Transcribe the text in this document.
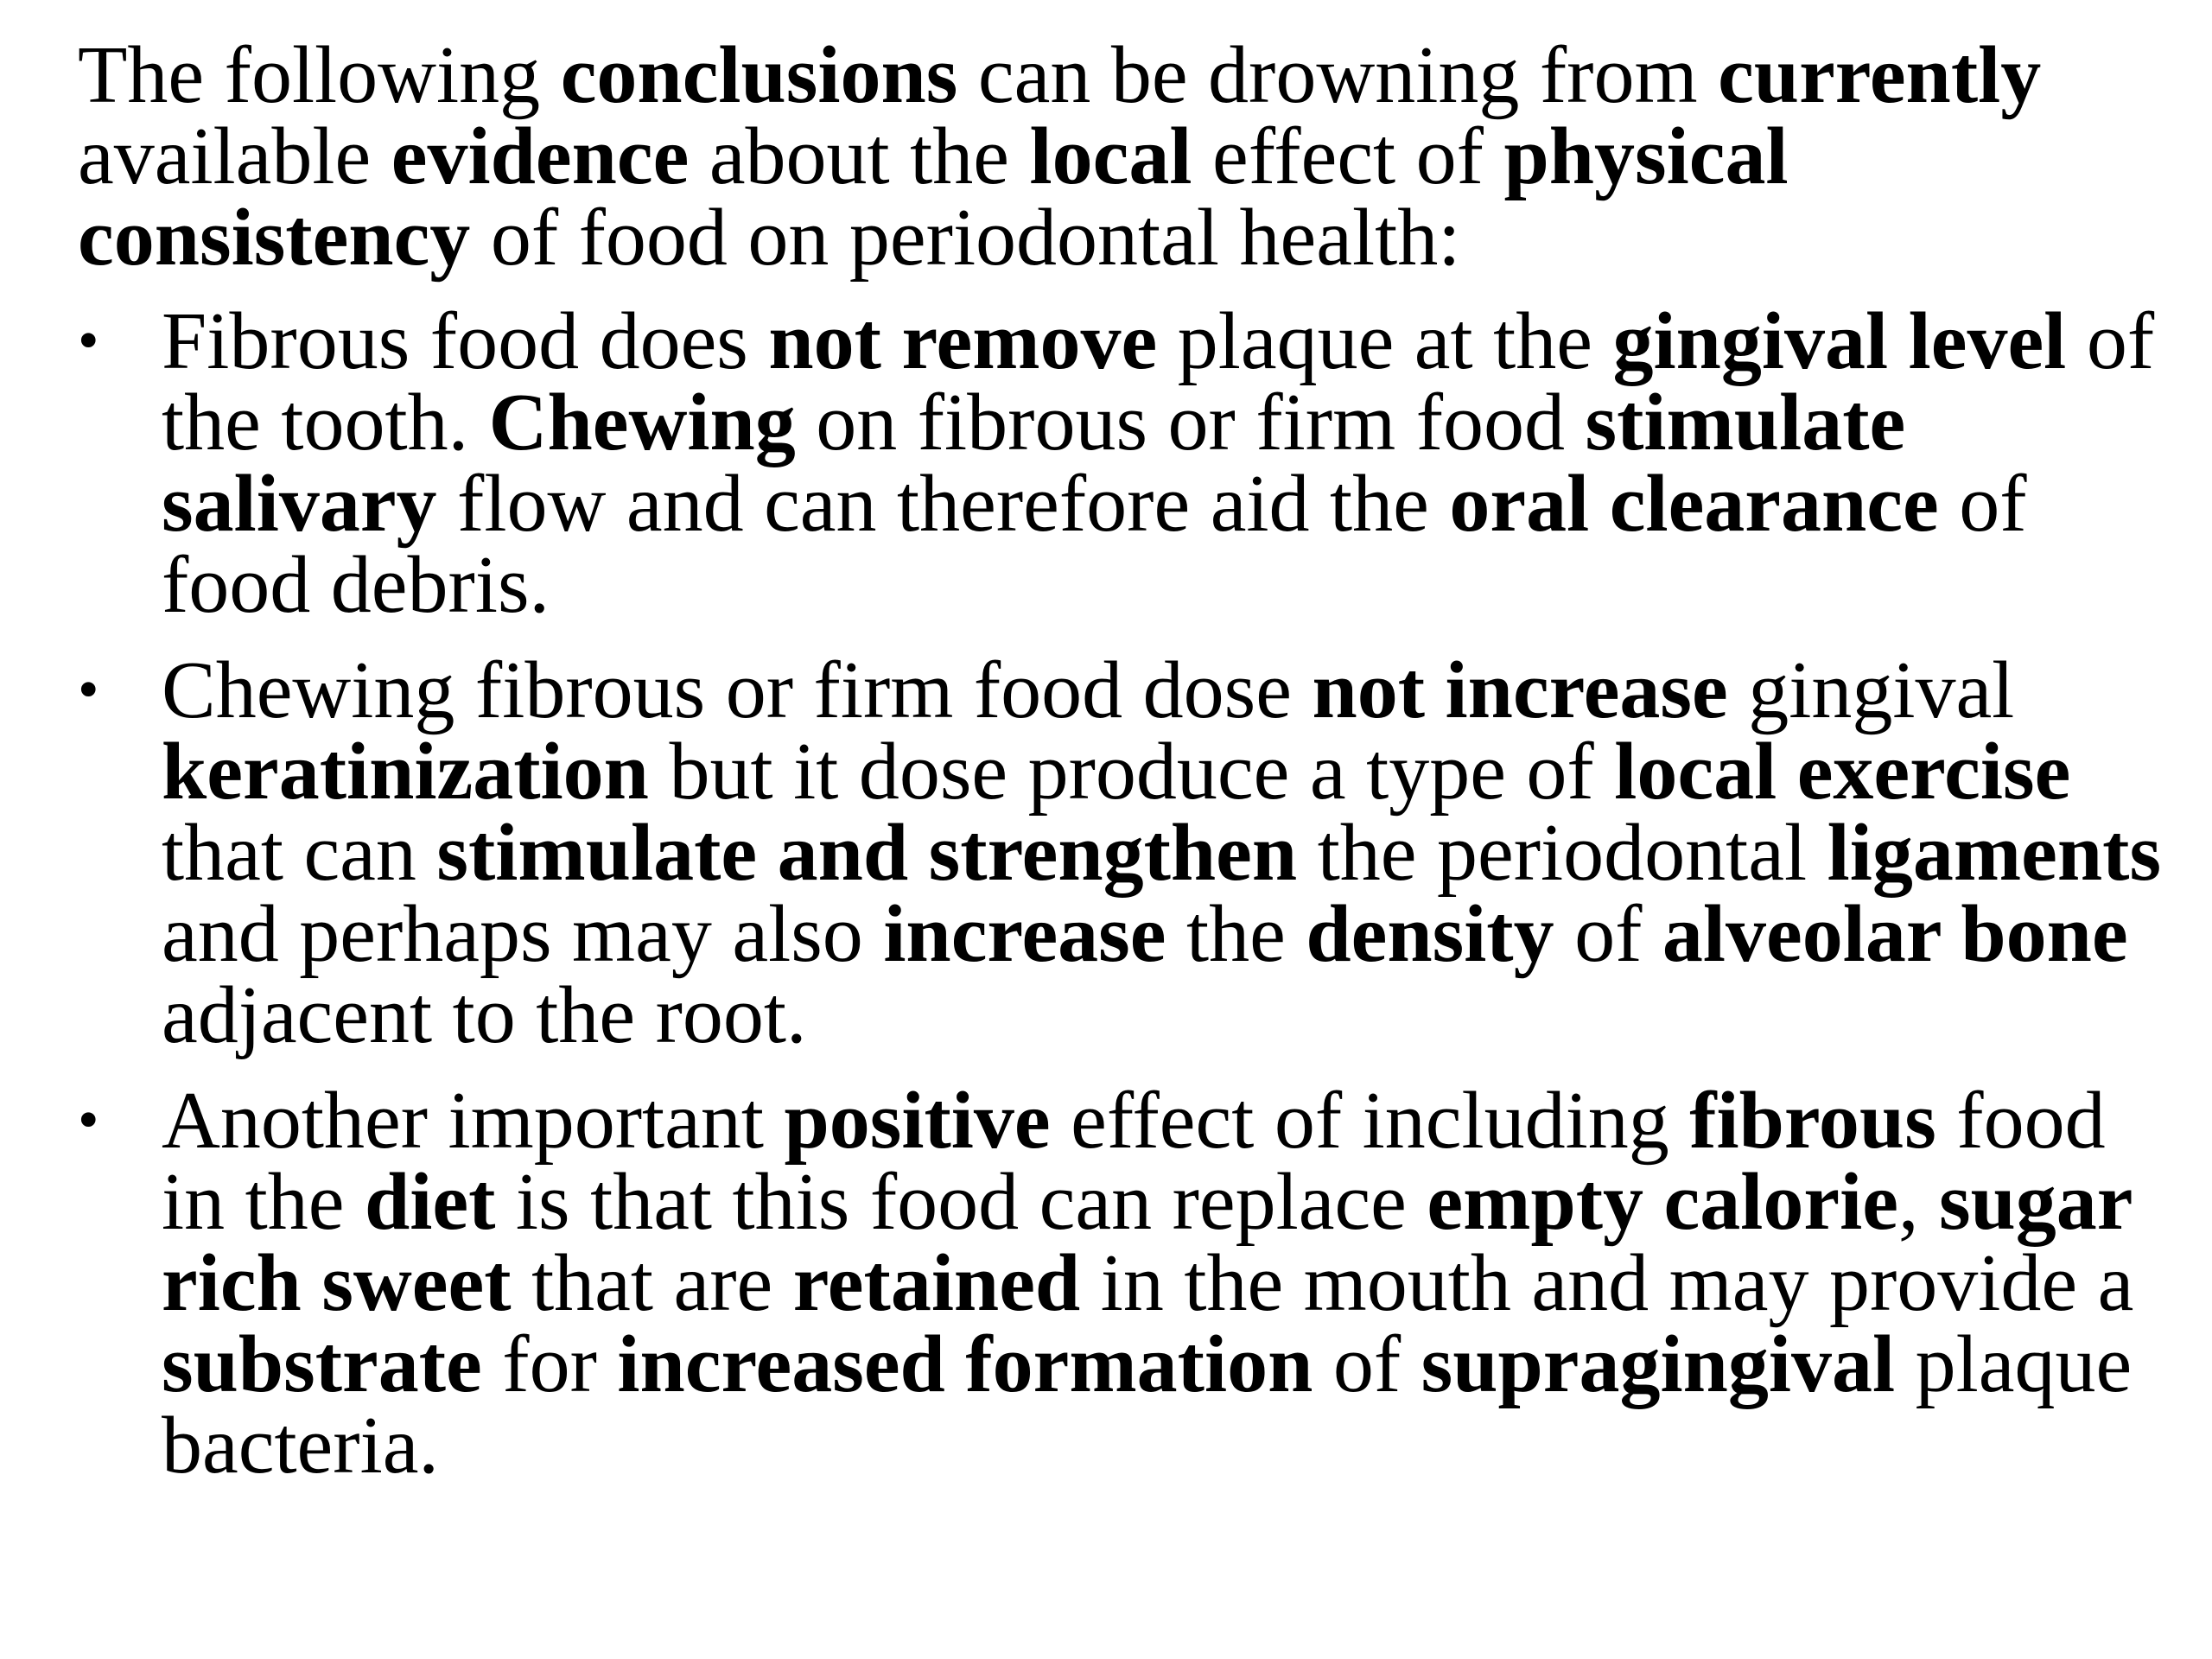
The following conclusions can be drowning from currently available evidence about the local effect of physical consistency of food on periodontal health:

• Fibrous food does not remove plaque at the gingival level of the tooth. Chewing on fibrous or firm food stimulate salivary flow and can therefore aid the oral clearance of food debris.
• Chewing fibrous or firm food dose not increase gingival keratinization but it dose produce a type of local exercise that can stimulate and strengthen the periodontal ligaments and perhaps may also increase the density of alveolar bone adjacent to the root.
• Another important positive effect of including fibrous food in the diet is that this food can replace empty calorie, sugar rich sweet that are retained in the mouth and may provide a substrate for increased formation of supragingival plaque bacteria.
